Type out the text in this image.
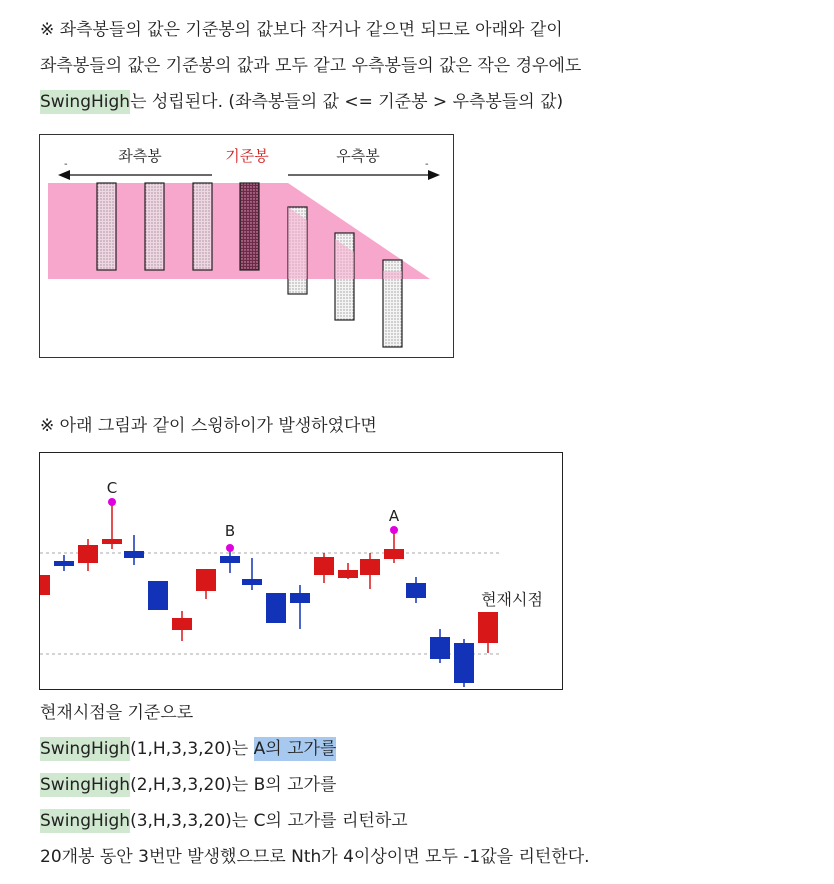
※ 좌측봉들의 값은 기준봉의 값보다 작거나 같으면 되므로 아래와 같이
좌측봉들의 값은 기준봉의 값과 모두 같고 우측봉들의 값은 작은 경우에도
SwingHigh는 성립된다. (좌측봉들의 값 <= 기준봉 > 우측봉들의 값)
좌측봉	기준봉	우측봉
-	-
※ 아래 그림과 같이 스윙하이가 발생하였다면
C
B
A
현재시점
현재시점을 기준으로
SwingHigh(1,H,3,3,20)는 A의 고가를
SwingHigh(2,H,3,3,20)는 B의 고가를
SwingHigh(3,H,3,3,20)는 C의 고가를 리턴하고
20개봉 동안 3번만 발생했으므로 Nth가 4이상이면 모두 -1값을 리턴한다.
